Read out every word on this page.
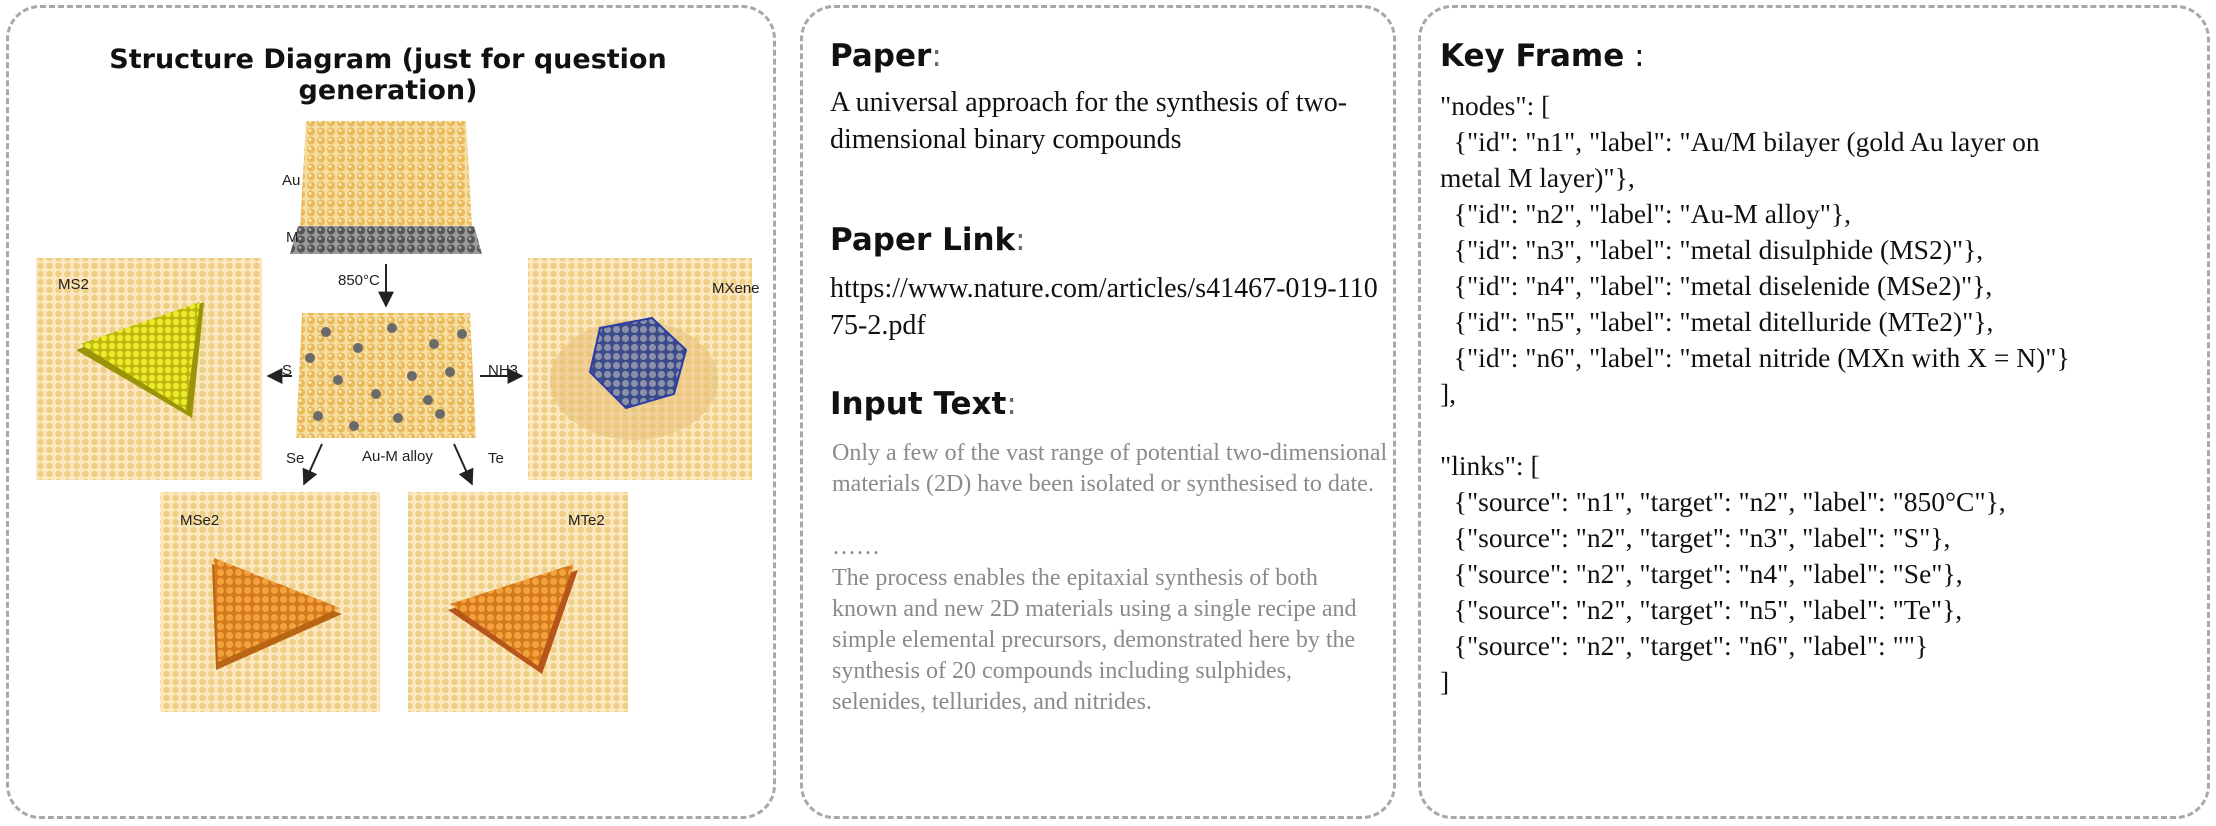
Structure Diagram (just for question generation)
Au
M
850°C
S	NH3
Se	Te
Au-M alloy
MS2	MXene
MSe2	MTe2
Paper:
A universal approach for the synthesis of two-dimensional binary compounds
Paper Link:
https://www.nature.com/articles/s41467-019-11075-2.pdf
Input Text:
Only a few of the vast range of potential two-dimensional materials (2D) have been isolated or synthesised to date.
……
The process enables the epitaxial synthesis of both known and new 2D materials using a single recipe and simple elemental precursors, demonstrated here by the synthesis of 20 compounds including sulphides, selenides, tellurides, and nitrides.
Key Frame :
"nodes": [
{"id": "n1", "label": "Au/M bilayer (gold Au layer on
metal M layer)"},
{"id": "n2", "label": "Au-M alloy"},
{"id": "n3", "label": "metal disulphide (MS2)"},
{"id": "n4", "label": "metal diselenide (MSe2)"},
{"id": "n5", "label": "metal ditelluride (MTe2)"},
{"id": "n6", "label": "metal nitride (MXn with X = N)"}
],
"links": [
{"source": "n1", "target": "n2", "label": "850°C"},
{"source": "n2", "target": "n3", "label": "S"},
{"source": "n2", "target": "n4", "label": "Se"},
{"source": "n2", "target": "n5", "label": "Te"},
{"source": "n2", "target": "n6", "label": ""}
]
